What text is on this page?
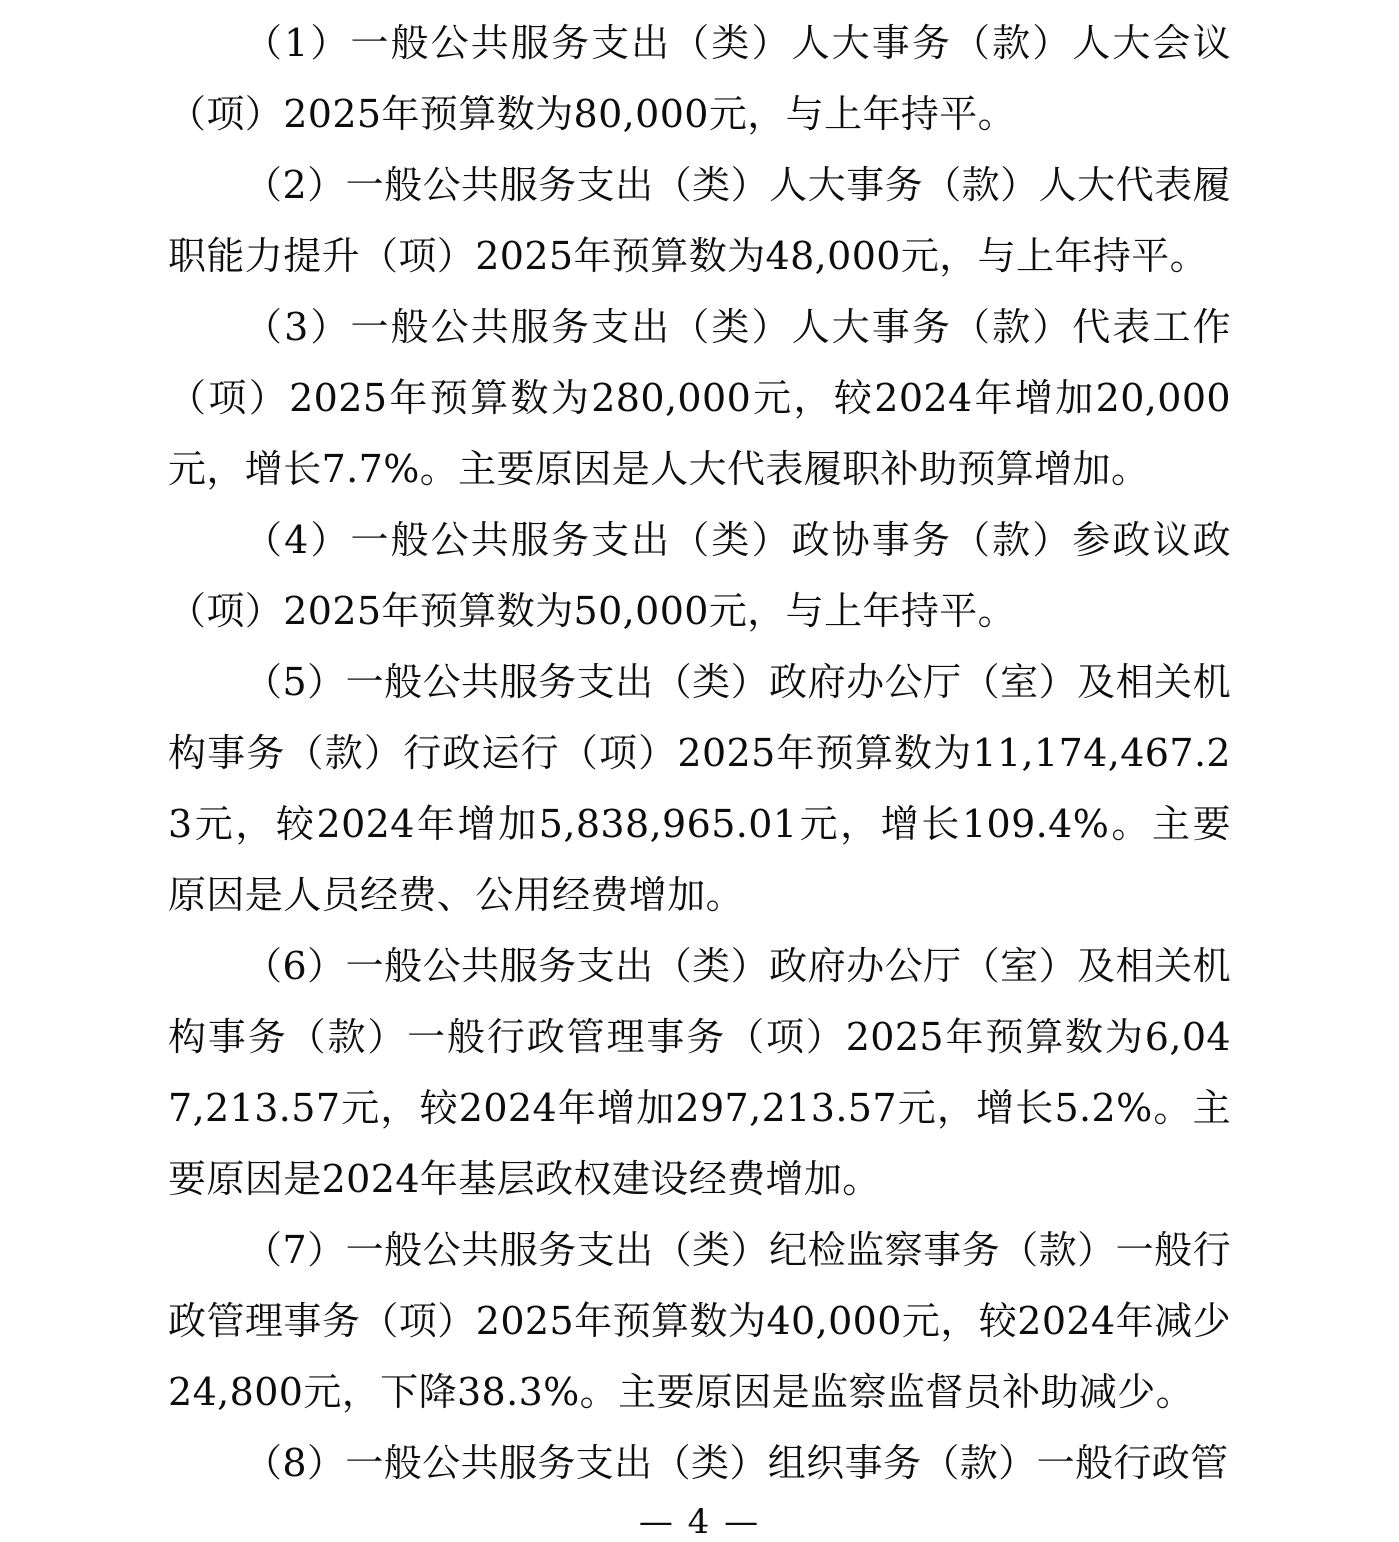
（1）一般公共服务支出（类）人大事务（款）人大会议（项）2025年预算数为80,000元，与上年持平。

（2）一般公共服务支出（类）人大事务（款）人大代表履职能力提升（项）2025年预算数为48,000元，与上年持平。

（3）一般公共服务支出（类）人大事务（款）代表工作（项）2025年预算数为280,000元，较2024年增加20,000元，增长7.7%。主要原因是人大代表履职补助预算增加。

（4）一般公共服务支出（类）政协事务（款）参政议政（项）2025年预算数为50,000元，与上年持平。

（5）一般公共服务支出（类）政府办公厅（室）及相关机构事务（款）行政运行（项）2025年预算数为11,174,467.23元，较2024年增加5,838,965.01元，增长109.4%。主要原因是人员经费、公用经费增加。

（6）一般公共服务支出（类）政府办公厅（室）及相关机构事务（款）一般行政管理事务（项）2025年预算数为6,047,213.57元，较2024年增加297,213.57元，增长5.2%。主要原因是2024年基层政权建设经费增加。

（7）一般公共服务支出（类）纪检监察事务（款）一般行政管理事务（项）2025年预算数为40,000元，较2024年减少24,800元，下降38.3%。主要原因是监察监督员补助减少。

（8）一般公共服务支出（类）组织事务（款）一般行政管

— 4 —
